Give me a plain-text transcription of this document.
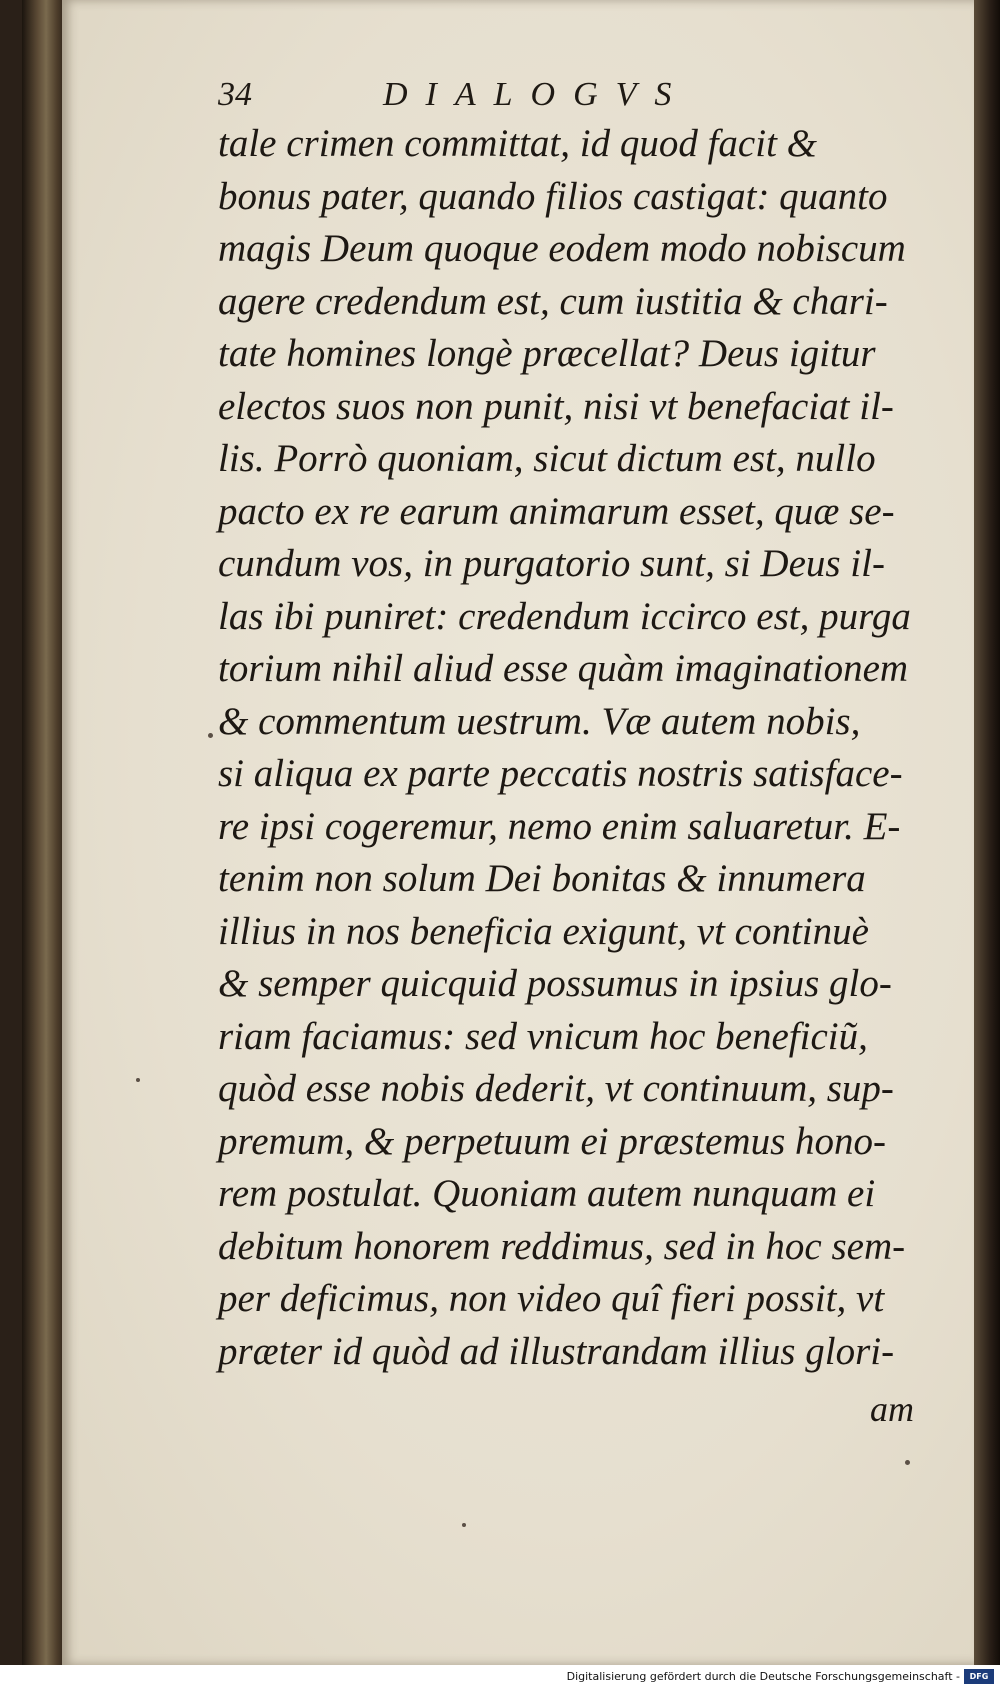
34	DIALOGVS
tale crimen committat, id quod facit &
bonus pater, quando filios castigat: quanto
magis Deum quoque eodem modo nobiscum
agere credendum est, cum iustitia & chari-
tate homines longè præcellat? Deus igitur
electos suos non punit, nisi vt benefaciat il-
lis. Porrò quoniam, sicut dictum est, nullo
pacto ex re earum animarum esset, quæ se-
cundum vos, in purgatorio sunt, si Deus il-
las ibi puniret: credendum iccirco est, purga
torium nihil aliud esse quàm imaginationem
& commentum uestrum. Væ autem nobis,
si aliqua ex parte peccatis nostris satisface-
re ipsi cogeremur, nemo enim saluaretur. E-
tenim non solum Dei bonitas & innumera
illius in nos beneficia exigunt, vt continuè
& semper quicquid possumus in ipsius glo-
riam faciamus: sed vnicum hoc beneficiũ,
quòd esse nobis dederit, vt continuum, sup-
premum, & perpetuum ei præstemus hono-
rem postulat. Quoniam autem nunquam ei
debitum honorem reddimus, sed in hoc sem-
per deficimus, non video quî fieri possit, vt
præter id quòd ad illustrandam illius glori-
am
Digitalisierung gefördert durch die Deutsche Forschungsgemeinschaft -	DFG
